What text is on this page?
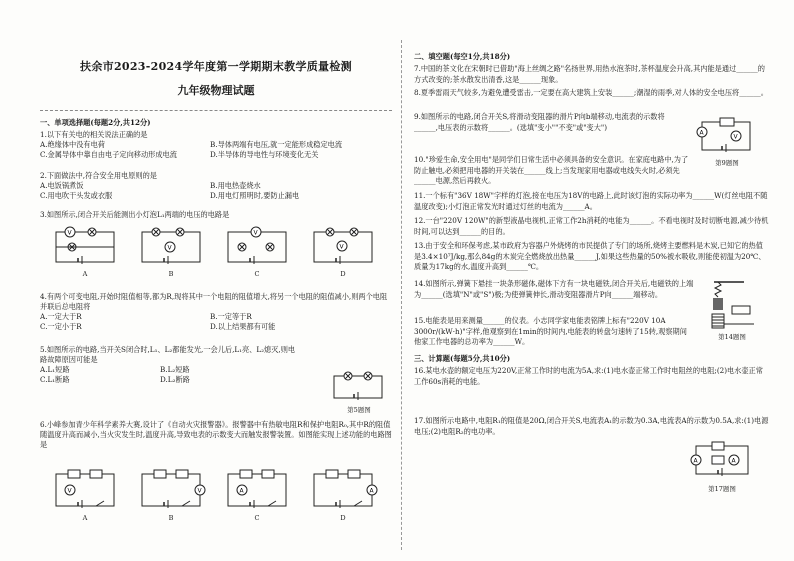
扶余市2023-2024学年度第一学期期末教学质量检测
九年级物理试题
一、单项选择题(每题2分,共12分)
1.以下有关电的相关说法正确的是
A.绝缘体中没有电荷	B.导体两端有电压,就一定能形成稳定电流
C.金属导体中靠自由电子定向移动形成电流	D.半导体的导电性与环境变化无关
2.下面做法中,符合安全用电原则的是
A.电饭锅煮饭	B.用电热壶烧水
C.用电吹干头发或衣服	D.用电灯照明时,要防止漏电
3.如图所示,闭合开关后能测出小灯泡L₁两端的电压的电路是
V
A
V
B
V
C
V
D
4.有两个可变电阻,开始时阻值相等,都为R,现将其中一个电阻的阻值增大,将另一个电阻的阻值减小,则两个电阻并联后总电阻将
A.一定大于R	B.一定等于R
C.一定小于R	D.以上结果都有可能
5.如图所示的电路,当开关S闭合时,L₁、L₂都能发光,一会儿后,L₁亮、L₂熄灭,则电路故障原因可能是
A.L₁短路	B.L₂短路
C.L₁断路	D.L₂断路
第5题图
6.小峰参加青少年科学素养大赛,设计了《自动火灾报警器》。报警器中有热敏电阻R和保护电阻R₀,其中R的阻值随温度升高而减小,当火灾发生时,温度升高,导致电表的示数变大而触发报警装置。如图能实现上述功能的电路图是
V
A
V
B
A
C
A
D
二、填空题(每空1分,共18分)
7.中国的茶文化在宋朝时已借助"海上丝绸之路"名扬世界,用热水泡茶时,茶杯温度会升高,其内能是通过______的方式改变的;茶水散发出清香,这是______现象。
8.夏季雷雨天气较多,为避免遭受雷击,一定要在高大建筑上安装______;潮湿的雨季,对人体的安全电压将______。
9.如图所示的电路,闭合开关S,将滑动变阻器的滑片P向b端移动,电流表的示数将______,电压表的示数将______。(选填"变小""不变"或"变大")
A
V
第9题图
10."珍爱生命,安全用电"是同学们日常生活中必须具备的安全意识。在家庭电路中,为了防止触电,必须把用电器的开关装在______线上;当发现家用电器或电线失火时,必须先______电源,然后再救火。
11.一个标有"36V 18W"字样的灯泡,接在电压为18V的电路上,此时该灯泡的实际功率为______W(灯丝电阻不随温度改变);小灯泡正常发光时通过灯丝的电流为______A。
12.一台"220V 120W"的新型液晶电视机,正常工作2h消耗的电能为______。不看电视时及时切断电源,减少待机时间,可以达到______的目的。
13.由于安全和环保考虑,某市政府为容器户外烧烤的市民提供了专门的场所,烧烤主要燃料是木炭,已知它的热值是3.4×10⁷J/kg,那么84g的木炭完全燃烧放出热量______J,如果这些热量的50%被水吸收,则能使初温为20℃、质量为17kg的水,温度升高到______℃。
14.如图所示,弹簧下悬挂一块条形磁体,磁体下方有一块电磁铁,闭合开关后,电磁铁的上端为______(选填"N"或"S")极;为使弹簧伸长,滑动变阻器滑片P向______端移动。
第14题图
15.电能表是用来测量______的仪表。小志同学家电能表铭牌上标有"220V 10A 3000r/(kW·h)"字样,他观察到在1min的时间内,电能表的转盘匀速转了15转,观察期间他家工作电器的总功率为______W。
三、计算题(每题5分,共10分)
16.某电水壶的额定电压为220V,正常工作时的电流为5A,求:(1)电水壶正常工作时电阻丝的电阻;(2)电水壶正常工作60s消耗的电能。
17.如图所示电路中,电阻R₁的阻值是20Ω,闭合开关S,电流表A₁的示数为0.3A,电流表A的示数为0.5A,求:(1)电源电压;(2)电阻R₂的电功率。
A	A
第17题图
